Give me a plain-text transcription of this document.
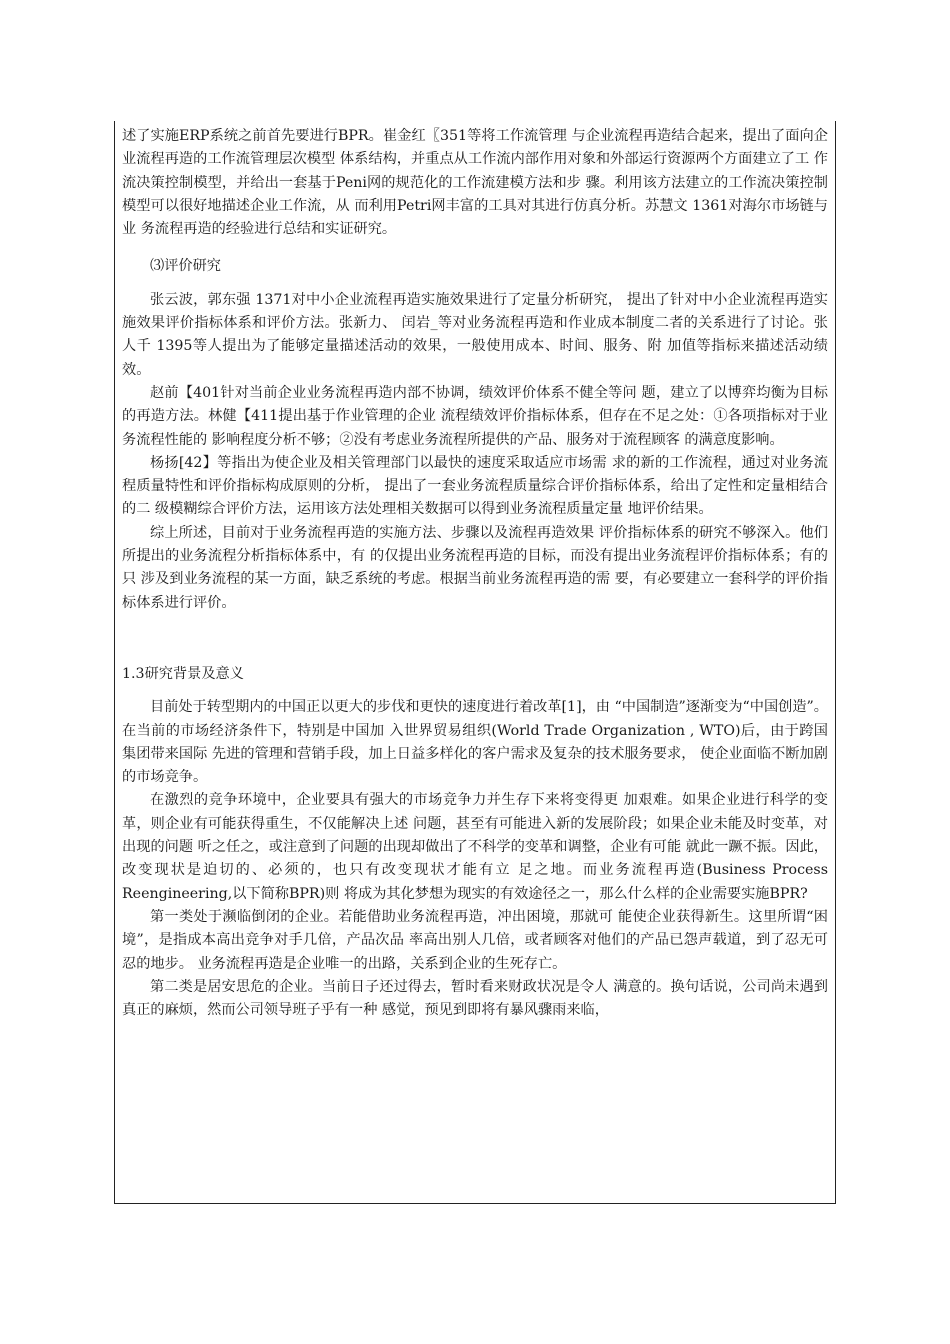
述了实施ERP系统之前首先要进行BPR。崔金红〖351等将工作流管理 与企业流程再造结合起来，提出了面向企业流程再造的工作流管理层次模型 体系结构，并重点从工作流内部作用对象和外部运行资源两个方面建立了工 作流决策控制模型，并给出一套基于Peni网的规范化的工作流建模方法和步 骤。利用该方法建立的工作流决策控制模型可以很好地描述企业工作流，从 而利用Petri网丰富的工具对其进行仿真分析。苏慧文 1361对海尔市场链与业 务流程再造的经验进行总结和实证研究。

⑶评价研究

张云波，郭东强 1371对中小企业流程再造实施效果进行了定量分析研究， 提出了针对中小企业流程再造实施效果评价指标体系和评价方法。张新力、 闰岩_等对业务流程再造和作业成本制度二者的关系进行了讨论。张人千 1395等人提出为了能够定量描述活动的效果，一般使用成本、时间、服务、附 加值等指标来描述活动绩效。

赵前【401针对当前企业业务流程再造内部不协调，绩效评价体系不健全等问 题，建立了以博弈均衡为目标的再造方法。林健【411提出基于作业管理的企业 流程绩效评价指标体系，但存在不足之处：①各项指标对于业务流程性能的 影响程度分析不够；②没有考虑业务流程所提供的产品、服务对于流程顾客 的满意度影响。

杨扬[42】等指出为使企业及相关管理部门以最快的速度采取适应市场需 求的新的工作流程，通过对业务流程质量特性和评价指标构成原则的分析， 提出了一套业务流程质量综合评价指标体系，给出了定性和定量相结合的二 级模糊综合评价方法，运用该方法处理相关数据可以得到业务流程质量定量 地评价结果。

综上所述，目前对于业务流程再造的实施方法、步骤以及流程再造效果 评价指标体系的研究不够深入。他们所提出的业务流程分析指标体系中，有 的仅提出业务流程再造的目标，而没有提出业务流程评价指标体系；有的只 涉及到业务流程的某一方面，缺乏系统的考虑。根据当前业务流程再造的需 要，有必要建立一套科学的评价指标体系进行评价。

1.3研究背景及意义

目前处于转型期内的中国正以更大的步伐和更快的速度进行着改革[1]，由 “中国制造”逐渐变为“中国创造”。在当前的市场经济条件下，特别是中国加 入世界贸易组织(World Trade Organization , WTO)后，由于跨国集团带来国际 先进的管理和营销手段，加上日益多样化的客户需求及复杂的技术服务要求， 使企业面临不断加剧的市场竞争。

在激烈的竞争环境中，企业要具有强大的市场竞争力并生存下来将变得更 加艰难。如果企业进行科学的变革，则企业有可能获得重生，不仅能解决上述 问题，甚至有可能进入新的发展阶段；如果企业未能及时变革，对出现的问题 听之任之，或注意到了问题的出现却做出了不科学的变革和调整，企业有可能 就此一蹶不振。因此，改变现状是迫切的、必须的，也只有改变现状才能有立 足之地。而业务流程再造(Business Process Reengineering,以下简称BPR)则 将成为其化梦想为现实的有效途径之一，那么什么样的企业需要实施BPR?

第一类处于濒临倒闭的企业。若能借助业务流程再造，冲出困境，那就可 能使企业获得新生。这里所谓“困境”，是指成本高出竞争对手几倍，产品次品 率高出别人几倍，或者顾客对他们的产品已怨声载道，到了忍无可忍的地步。 业务流程再造是企业唯一的出路，关系到企业的生死存亡。

第二类是居安思危的企业。当前日子还过得去，暂时看来财政状况是令人 满意的。换句话说，公司尚未遇到真正的麻烦，然而公司领导班子乎有一种 感觉，预见到即将有暴风骤雨来临，
